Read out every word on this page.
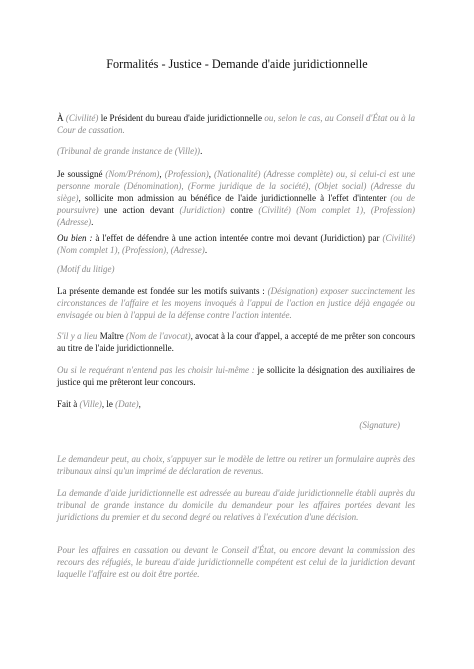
Formalités - Justice - Demande d'aide juridictionnelle

À (Civilité) le Président du bureau d'aide juridictionnelle ou, selon le cas, au Conseil d'État ou à la Cour de cassation.

(Tribunal de grande instance de (Ville)).

Je soussigné (Nom/Prénom), (Profession), (Nationalité) (Adresse complète) ou, si celui-ci est une personne morale (Dénomination), (Forme juridique de la société), (Objet social) (Adresse du siège), sollicite mon admission au bénéfice de l'aide juridictionnelle à l'effet d'intenter (ou de poursuivre) une action devant (Juridiction) contre (Civilité) (Nom complet 1), (Profession) (Adresse).

Ou bien : à l'effet de défendre à une action intentée contre moi devant (Juridiction) par (Civilité) (Nom complet 1), (Profession), (Adresse).

(Motif du litige)

La présente demande est fondée sur les motifs suivants : (Désignation) exposer succinctement les circonstances de l'affaire et les moyens invoqués à l'appui de l'action en justice déjà engagée ou envisagée ou bien à l'appui de la défense contre l'action intentée.

S'il y a lieu Maître (Nom de l'avocat), avocat à la cour d'appel, a accepté de me prêter son concours au titre de l'aide juridictionnelle.

Ou si le requérant n'entend pas les choisir lui-même : je sollicite la désignation des auxiliaires de justice qui me prêteront leur concours.

Fait à (Ville), le (Date),

(Signature)

Le demandeur peut, au choix, s'appuyer sur le modèle de lettre ou retirer un formulaire auprès des tribunaux ainsi qu'un imprimé de déclaration de revenus.

La demande d'aide juridictionnelle est adressée au bureau d'aide juridictionnelle établi auprès du tribunal de grande instance du domicile du demandeur pour les affaires portées devant les juridictions du premier et du second degré ou relatives à l'exécution d'une décision.

Pour les affaires en cassation ou devant le Conseil d'État, ou encore devant la commission des recours des réfugiés, le bureau d'aide juridictionnelle compétent est celui de la juridiction devant laquelle l'affaire est ou doit être portée.
